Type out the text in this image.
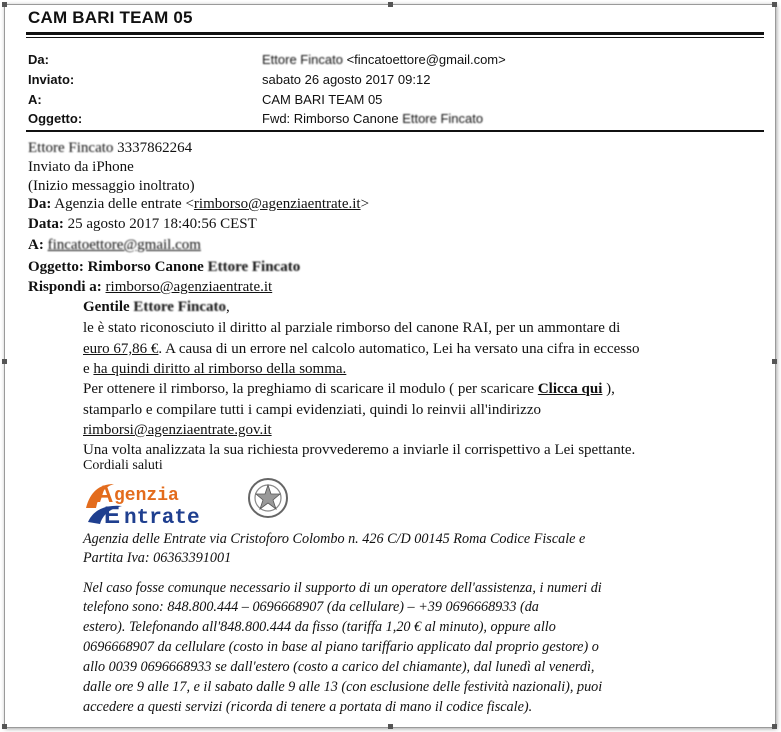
CAM BARI TEAM 05
Da:	Ettore Fincato <fincatoettore@gmail.com>
Inviato:	sabato 26 agosto 2017 09:12
A:	CAM BARI TEAM 05
Oggetto:	Fwd: Rimborso Canone Ettore Fincato
Ettore Fincato 3337862264
Inviato da iPhone
(Inizio messaggio inoltrato)
Da: Agenzia delle entrate <rimborso@agenziaentrate.it>
Data: 25 agosto 2017 18:40:56 CEST
A: fincatoettore@gmail.com
Oggetto: Rimborso Canone Ettore Fincato
Rispondi a: rimborso@agenziaentrate.it
Gentile Ettore Fincato,
le è stato riconosciuto il diritto al parziale rimborso del canone RAI, per un ammontare di
euro 67,86 €. A causa di un errore nel calcolo automatico, Lei ha versato una cifra in eccesso
e ha quindi diritto al rimborso della somma.
Per ottenere il rimborso, la preghiamo di scaricare il modulo ( per scaricare Clicca qui ),
stamparlo e compilare tutti i campi evidenziati, quindi lo reinvii all'indirizzo
rimborsi@agenziaentrate.gov.it
Una volta analizzata la sua richiesta provvederemo a inviarle il corrispettivo a Lei spettante.
Cordiali saluti
A genzia
E ntrate
Agenzia delle Entrate via Cristoforo Colombo n. 426 C/D 00145 Roma Codice Fiscale e
Partita Iva: 06363391001
Nel caso fosse comunque necessario il supporto di un operatore dell'assistenza, i numeri di
telefono sono: 848.800.444 – 0696668907 (da cellulare) – +39 0696668933 (da
estero). Telefonando all'848.800.444 da fisso (tariffa 1,20 € al minuto), oppure allo
0696668907 da cellulare (costo in base al piano tariffario applicato dal proprio gestore) o
allo 0039 0696668933 se dall'estero (costo a carico del chiamante), dal lunedì al venerdì,
dalle ore 9 alle 17, e il sabato dalle 9 alle 13 (con esclusione delle festività nazionali), puoi
accedere a questi servizi (ricorda di tenere a portata di mano il codice fiscale).
